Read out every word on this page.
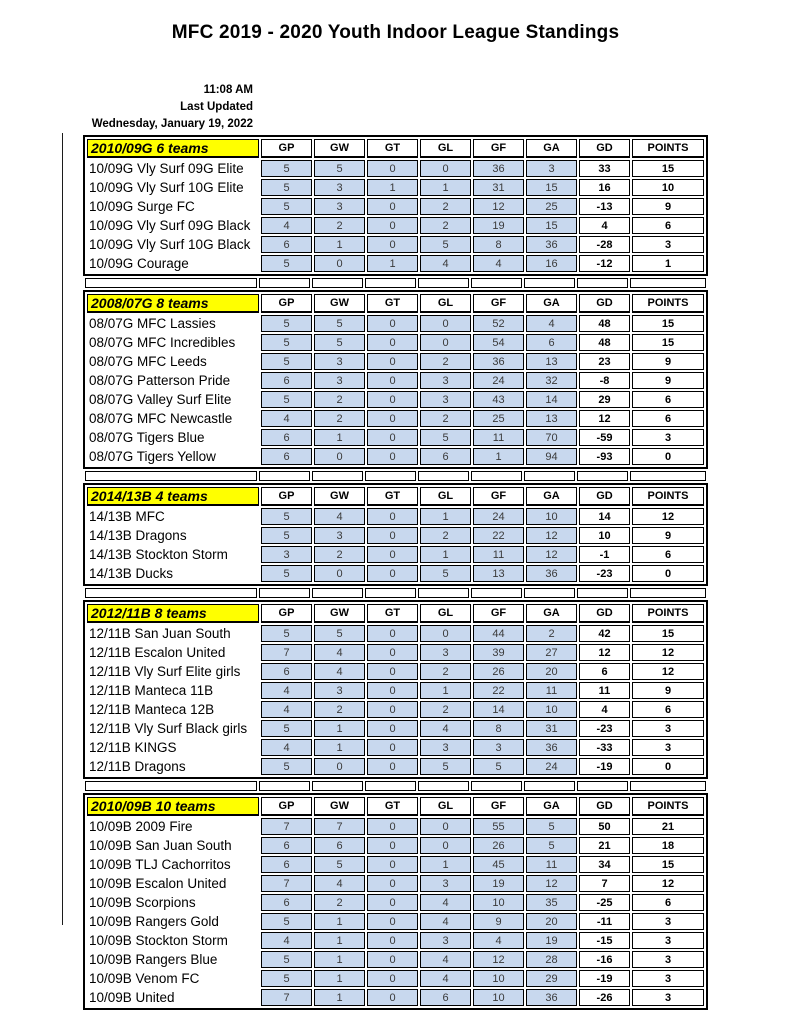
MFC 2019 - 2020 Youth Indoor League Standings
11:08 AM
Last Updated
Wednesday, January 19, 2022
2010/09G 6 teams	GP	GW	GT	GL	GF	GA	GD	POINTS
10/09G Vly Surf 09G Elite	5	5	0	0	36	3	33	15
10/09G Vly Surf 10G Elite	5	3	1	1	31	15	16	10
10/09G Surge FC	5	3	0	2	12	25	-13	9
10/09G Vly Surf 09G Black	4	2	0	2	19	15	4	6
10/09G Vly Surf 10G Black	6	1	0	5	8	36	-28	3
10/09G Courage	5	0	1	4	4	16	-12	1

2008/07G 8 teams	GP	GW	GT	GL	GF	GA	GD	POINTS
08/07G MFC Lassies	5	5	0	0	52	4	48	15
08/07G MFC Incredibles	5	5	0	0	54	6	48	15
08/07G MFC Leeds	5	3	0	2	36	13	23	9
08/07G Patterson Pride	6	3	0	3	24	32	-8	9
08/07G Valley Surf Elite	5	2	0	3	43	14	29	6
08/07G MFC Newcastle	4	2	0	2	25	13	12	6
08/07G Tigers Blue	6	1	0	5	11	70	-59	3
08/07G Tigers Yellow	6	0	0	6	1	94	-93	0

2014/13B 4 teams	GP	GW	GT	GL	GF	GA	GD	POINTS
14/13B MFC	5	4	0	1	24	10	14	12
14/13B Dragons	5	3	0	2	22	12	10	9
14/13B Stockton Storm	3	2	0	1	11	12	-1	6
14/13B Ducks	5	0	0	5	13	36	-23	0

2012/11B 8 teams	GP	GW	GT	GL	GF	GA	GD	POINTS
12/11B San Juan South	5	5	0	0	44	2	42	15
12/11B Escalon United	7	4	0	3	39	27	12	12
12/11B Vly Surf Elite girls	6	4	0	2	26	20	6	12
12/11B Manteca 11B	4	3	0	1	22	11	11	9
12/11B Manteca 12B	4	2	0	2	14	10	4	6
12/11B Vly Surf Black girls	5	1	0	4	8	31	-23	3
12/11B KINGS	4	1	0	3	3	36	-33	3
12/11B Dragons	5	0	0	5	5	24	-19	0

2010/09B 10 teams	GP	GW	GT	GL	GF	GA	GD	POINTS
10/09B 2009 Fire	7	7	0	0	55	5	50	21
10/09B San Juan South	6	6	0	0	26	5	21	18
10/09B TLJ Cachorritos	6	5	0	1	45	11	34	15
10/09B Escalon United	7	4	0	3	19	12	7	12
10/09B Scorpions	6	2	0	4	10	35	-25	6
10/09B Rangers Gold	5	1	0	4	9	20	-11	3
10/09B Stockton Storm	4	1	0	3	4	19	-15	3
10/09B Rangers Blue	5	1	0	4	12	28	-16	3
10/09B Venom FC	5	1	0	4	10	29	-19	3
10/09B United	7	1	0	6	10	36	-26	3
